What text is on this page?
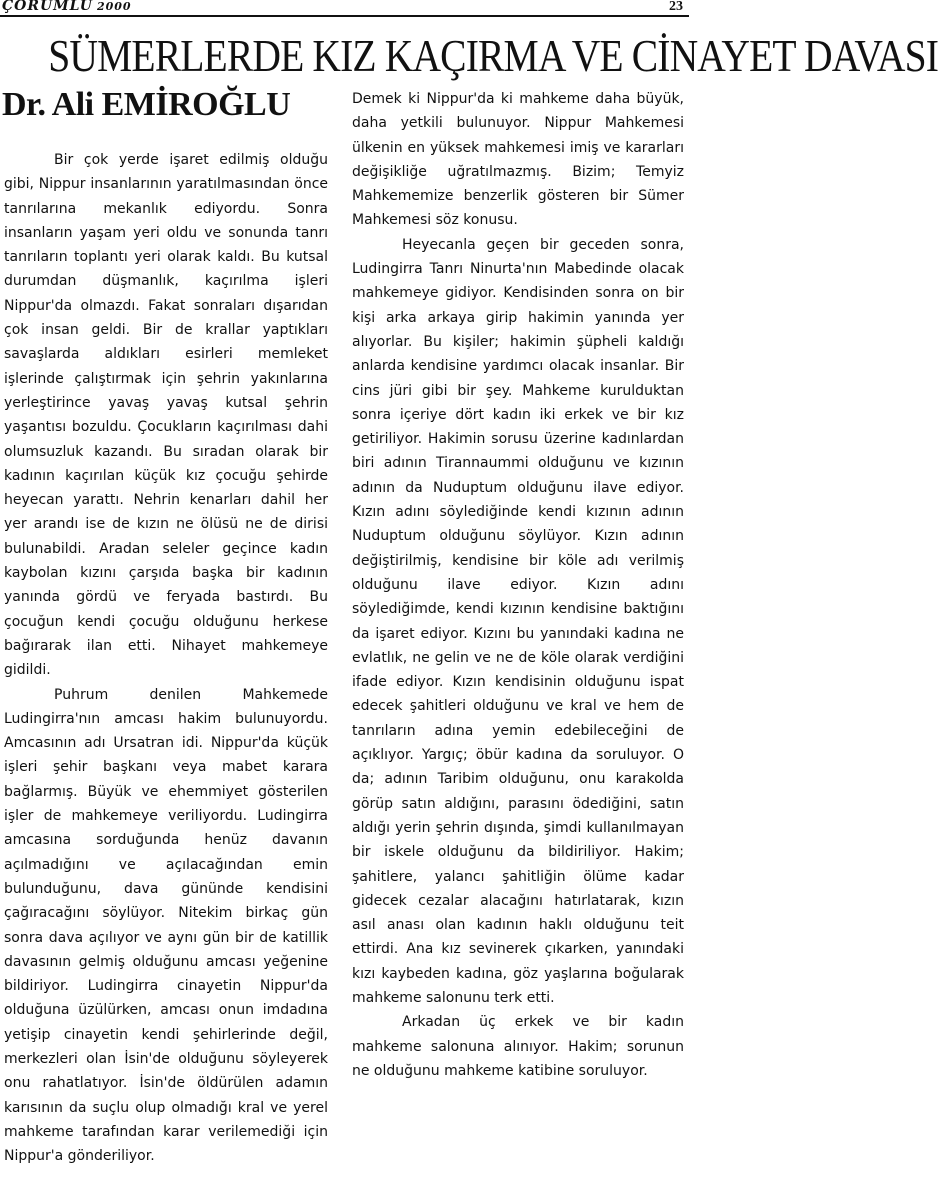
ÇORUMLU 2000	23
SÜMERLERDE KIZ KAÇIRMA VE CİNAYET DAVASI
Dr. Ali EMİROĞLU

Bir çok yerde işaret edilmiş olduğu gibi, Nippur insanlarının yaratılmasından önce tanrılarına mekanlık ediyordu. Sonra insanların yaşam yeri oldu ve sonunda tanrı tanrıların toplantı yeri olarak kaldı. Bu kutsal durumdan düşmanlık, kaçırılma işleri Nippur'da olmazdı. Fakat sonraları dışarıdan çok insan geldi. Bir de krallar yaptıkları savaşlarda aldıkları esirleri memleket işlerinde çalıştırmak için şehrin yakınlarına yerleştirince yavaş yavaş kutsal şehrin yaşantısı bozuldu. Çocukların kaçırılması dahi olumsuzluk kazandı. Bu sıradan olarak bir kadının kaçırılan küçük kız çocuğu şehirde heyecan yarattı. Nehrin kenarları dahil her yer arandı ise de kızın ne ölüsü ne de dirisi bulunabildi. Aradan seleler geçince kadın kaybolan kızını çarşıda başka bir kadının yanında gördü ve feryada bastırdı. Bu çocuğun kendi çocuğu olduğunu herkese bağırarak ilan etti. Nihayet mahkemeye gidildi.

Puhrum denilen Mahkemede Ludingirra'nın amcası hakim bulunuyordu. Amcasının adı Ursatran idi. Nippur'da küçük işleri şehir başkanı veya mabet karara bağlarmış. Büyük ve ehemmiyet gösterilen işler de mahkemeye veriliyordu. Ludingirra amcasına sorduğunda henüz davanın açılmadığını ve açılacağından emin bulunduğunu, dava gününde kendisini çağıracağını söylüyor. Nitekim birkaç gün sonra dava açılıyor ve aynı gün bir de katillik davasının gelmiş olduğunu amcası yeğenine bildiriyor. Ludingirra cinayetin Nippur'da olduğuna üzülürken, amcası onun imdadına yetişip cinayetin kendi şehirlerinde değil, merkezleri olan İsin'de olduğunu söyleyerek onu rahatlatıyor. İsin'de öldürülen adamın karısının da suçlu olup olmadığı kral ve yerel mahkeme tarafından karar verilemediği için Nippur'a gönderiliyor.

Demek ki Nippur'da ki mahkeme daha büyük, daha yetkili bulunuyor. Nippur Mahkemesi ülkenin en yüksek mahkemesi imiş ve kararları değişikliğe uğratılmazmış. Bizim; Temyiz Mahkememize benzerlik gösteren bir Sümer Mahkemesi söz konusu.

Heyecanla geçen bir geceden sonra, Ludingirra Tanrı Ninurta'nın Mabedinde olacak mahkemeye gidiyor. Kendisinden sonra on bir kişi arka arkaya girip hakimin yanında yer alıyorlar. Bu kişiler; hakimin şüpheli kaldığı anlarda kendisine yardımcı olacak insanlar. Bir cins jüri gibi bir şey. Mahkeme kurulduktan sonra içeriye dört kadın iki erkek ve bir kız getiriliyor. Hakimin sorusu üzerine kadınlardan biri adının Tirannaummi olduğunu ve kızının adının da Nuduptum olduğunu ilave ediyor. Kızın adını söylediğinde kendi kızının adının Nuduptum olduğunu söylüyor. Kızın adının değiştirilmiş, kendisine bir köle adı verilmiş olduğunu ilave ediyor. Kızın adını söylediğimde, kendi kızının kendisine baktığını da işaret ediyor. Kızını bu yanındaki kadına ne evlatlık, ne gelin ve ne de köle olarak verdiğini ifade ediyor. Kızın kendisinin olduğunu ispat edecek şahitleri olduğunu ve kral ve hem de tanrıların adına yemin edebileceğini de açıklıyor. Yargıç; öbür kadına da soruluyor. O da; adının Taribim olduğunu, onu karakolda görüp satın aldığını, parasını ödediğini, satın aldığı yerin şehrin dışında, şimdi kullanılmayan bir iskele olduğunu da bildiriliyor. Hakim; şahitlere, yalancı şahitliğin ölüme kadar gidecek cezalar alacağını hatırlatarak, kızın asıl anası olan kadının haklı olduğunu teit ettirdi. Ana kız sevinerek çıkarken, yanındaki kızı kaybeden kadına, göz yaşlarına boğularak mahkeme salonunu terk etti.

Arkadan üç erkek ve bir kadın mahkeme salonuna alınıyor. Hakim; sorunun ne olduğunu mahkeme katibine soruluyor.
